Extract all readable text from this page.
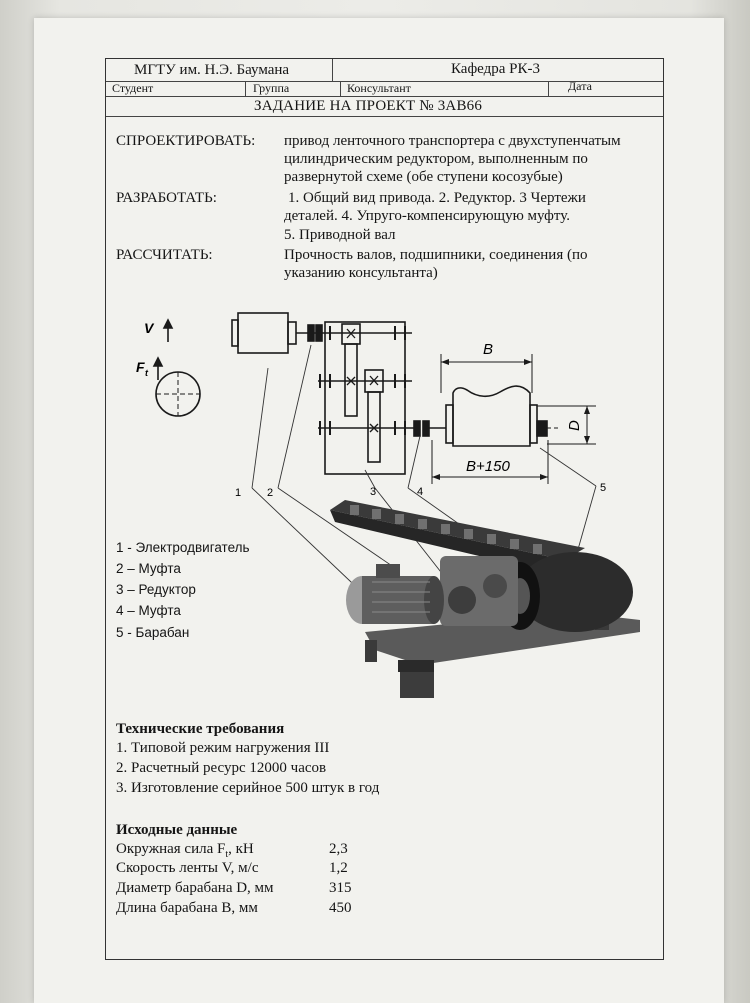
МГТУ им. Н.Э. Баумана	Кафедра РК-3
Студент	Группа	Консультант	Дата
ЗАДАНИЕ НА ПРОЕКТ № 3АВ66
СПРОЕКТИРОВАТЬ: привод ленточного транспортера с двухступенчатым
цилиндрическим редуктором, выполненным по
развернутой схеме (обе ступени косозубые)
РАЗРАБОТАТЬ:	1. Общий вид привода. 2. Редуктор. 3 Чертежи
деталей. 4. Упруго-компенсирующую муфту.
5. Приводной вал
РАССЧИТАТЬ:	Прочность валов, подшипники, соединения (по
указанию консультанта)
V
F t
B
B+150
D
1 2	3	4	5
1 - Электродвигатель
2 – Муфта
3 – Редуктор
4 – Муфта
5 - Барабан
Технические требования
1. Типовой режим нагружения III
2. Расчетный ресурс 12000 часов
3. Изготовление серийное 500 штук в год
Исходные данные
Окружная сила $F_t$, кН	2,3
Скорость ленты V, м/с	1,2
Диаметр барабана D, мм	315
Длина барабана B, мм	450
